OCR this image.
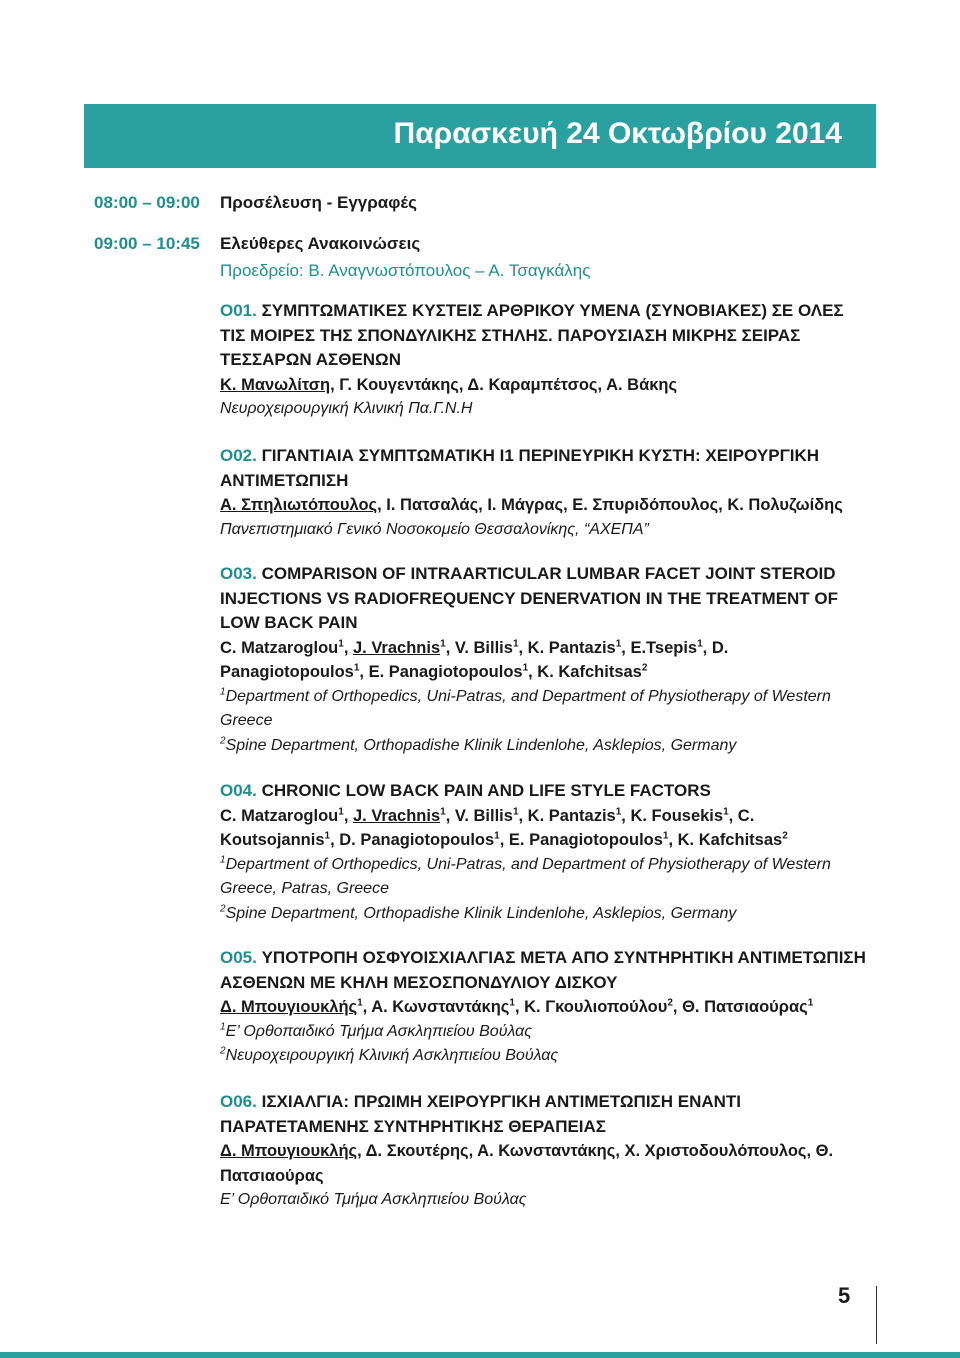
Παρασκευή 24 Οκτωβρίου 2014
08:00 – 09:00 Προσέλευση - Εγγραφές
09:00 – 10:45 Ελεύθερες Ανακοινώσεις
Προεδρείο: Β. Αναγνωστόπουλος – Α. Τσαγκάλης
O01. ΣΥΜΠΤΩΜΑΤΙΚΕΣ ΚΥΣΤΕΙΣ ΑΡΘΡΙΚΟΥ ΥΜΕΝΑ (ΣΥΝΟΒΙΑΚΕΣ) ΣΕ ΟΛΕΣ ΤΙΣ ΜΟΙΡΕΣ ΤΗΣ ΣΠΟΝΔΥΛΙΚΗΣ ΣΤΗΛΗΣ. ΠΑΡΟΥΣΙΑΣΗ ΜΙΚΡΗΣ ΣΕΙΡΑΣ ΤΕΣΣΑΡΩΝ ΑΣΘΕΝΩΝ
Κ. Μανωλίτση, Γ. Κουγεντάκης, Δ. Καραμπέτσος, Α. Βάκης
Νευροχειρουργική Κλινική Πα.Γ.Ν.Η
O02. ΓΙΓΑΝΤΙΑΙΑ ΣΥΜΠΤΩΜΑΤΙΚΗ Ι1 ΠΕΡΙΝΕΥΡΙΚΗ ΚΥΣΤΗ: ΧΕΙΡΟΥΡΓΙΚΗ ΑΝΤΙΜΕΤΩΠΙΣΗ
Α. Σπηλιωτόπουλος, Ι. Πατσαλάς, Ι. Μάγρας, Ε. Σπυριδόπουλος, Κ. Πολυζωίδης
Πανεπιστημιακό Γενικό Νοσοκομείο Θεσσαλονίκης, “ΑΧΕΠΑ”
O03. COMPARISON OF INTRAARTICULAR LUMBAR FACET JOINT STEROID INJECTIONS VS RADIOFREQUENCY DENERVATION IN THE TREATMENT OF LOW BACK PAIN
C. Matzaroglou$^1$, J. Vrachnis$^1$, V. Billis$^1$, K. Pantazis$^1$, E.Tsepis$^1$, D. Panagiotopoulos$^1$, E. Panagiotopoulos$^1$, K. Kafchitsas$^2$
$^1$Department of Orthopedics, Uni-Patras, and Department of Physiotherapy of Western Greece
$^2$Spine Department, Orthopadishe Klinik Lindenlohe, Asklepios, Germany
O04. CHRONIC LOW BACK PAIN AND LIFE STYLE FACTORS
C. Matzaroglou$^1$, J. Vrachnis$^1$, V. Billis$^1$, K. Pantazis$^1$, K. Fousekis$^1$, C. Koutsojannis$^1$, D. Panagiotopoulos$^1$, E. Panagiotopoulos$^1$, K. Kafchitsas$^2$
$^1$Department of Orthopedics, Uni-Patras, and Department of Physiotherapy of Western Greece, Patras, Greece
$^2$Spine Department, Orthopadishe Klinik Lindenlohe, Asklepios, Germany
O05. ΥΠΟΤΡΟΠΗ ΟΣΦΥΟΙΣΧΙΑΛΓΙΑΣ ΜΕΤΑ ΑΠΟ ΣΥΝΤΗΡΗΤΙΚΗ ΑΝΤΙΜΕΤΩΠΙΣΗ ΑΣΘΕΝΩΝ ΜΕ ΚΗΛΗ ΜΕΣΟΣΠΟΝΔΥΛΙΟΥ ΔΙΣΚΟΥ
Δ. Μπουγιουκλής$^1$, Α. Κωνσταντάκης$^1$, Κ. Γκουλιοπούλου$^2$, Θ. Πατσιαούρας$^1$
$^1$Ε’ Ορθοπαιδικό Τμήμα Ασκληπιείου Βούλας
$^2$Νευροχειρουργική Κλινική Ασκληπιείου Βούλας
O06. ΙΣΧΙΑΛΓΙΑ: ΠΡΩΙΜΗ ΧΕΙΡΟΥΡΓΙΚΗ ΑΝΤΙΜΕΤΩΠΙΣΗ ΕΝΑΝΤΙ ΠΑΡΑΤΕΤΑΜΕΝΗΣ ΣΥΝΤΗΡΗΤΙΚΗΣ ΘΕΡΑΠΕΙΑΣ
Δ. Μπουγιουκλής, Δ. Σκουτέρης, Α. Κωνσταντάκης, Χ. Χριστοδουλόπουλος, Θ. Πατσιαούρας
Ε’ Ορθοπαιδικό Τμήμα Ασκληπιείου Βούλας
5
